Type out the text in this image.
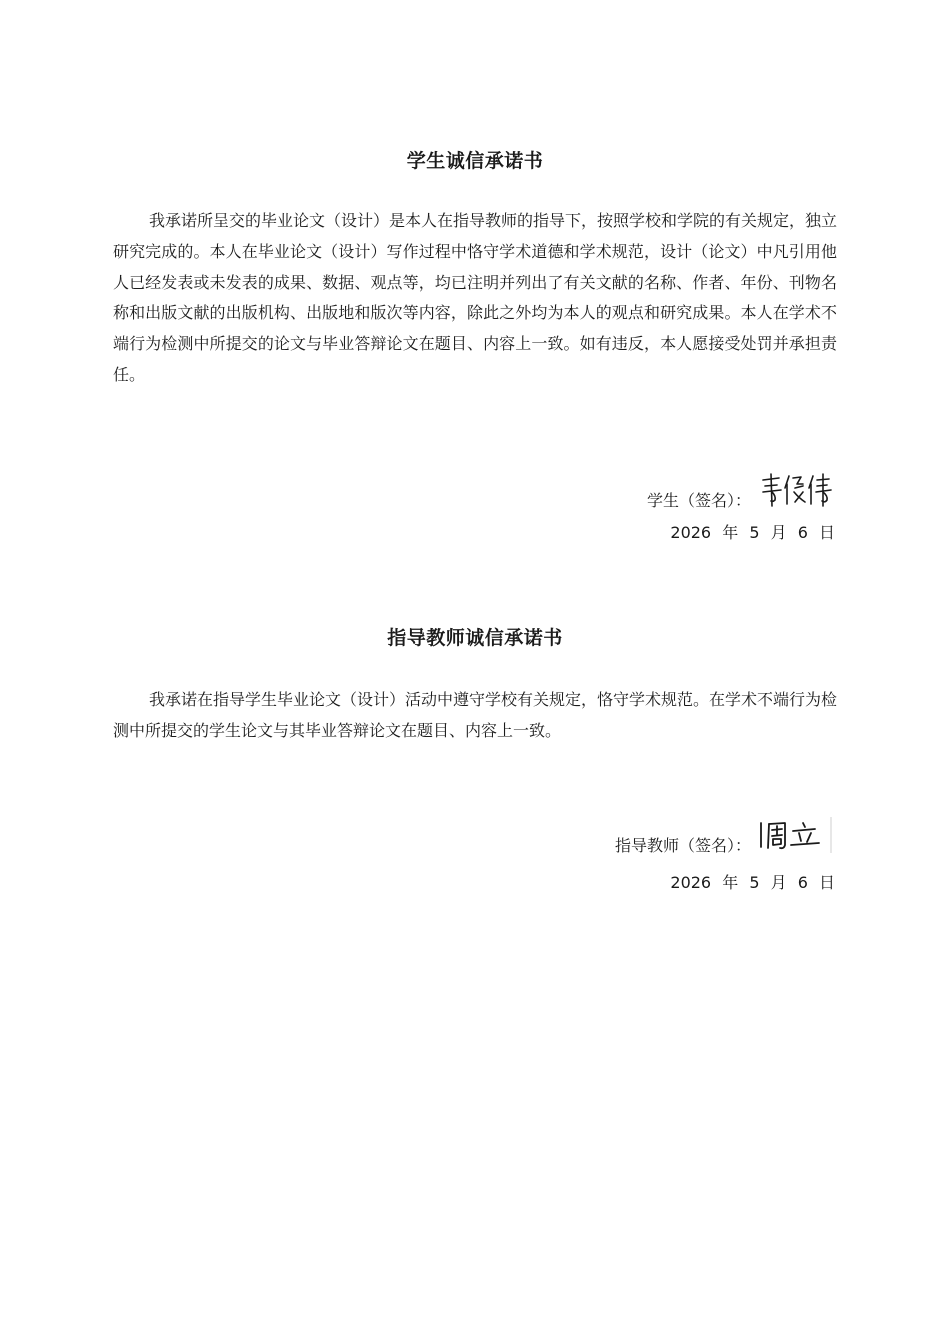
学生诚信承诺书

我承诺所呈交的毕业论文（设计）是本人在指导教师的指导下，按照学校和学院的有关规定，独立研究完成的。本人在毕业论文（设计）写作过程中恪守学术道德和学术规范，设计（论文）中凡引用他人已经发表或未发表的成果、数据、观点等，均已注明并列出了有关文献的名称、作者、年份、刊物名称和出版文献的出版机构、出版地和版次等内容，除此之外均为本人的观点和研究成果。本人在学术不端行为检测中所提交的论文与毕业答辩论文在题目、内容上一致。如有违反，本人愿接受处罚并承担责任。

学生（签名）：
2026 年 5 月 6 日
指导教师诚信承诺书

我承诺在指导学生毕业论文（设计）活动中遵守学校有关规定，恪守学术规范。在学术不端行为检测中所提交的学生论文与其毕业答辩论文在题目、内容上一致。

指导教师（签名）：
2026 年 5 月 6 日
